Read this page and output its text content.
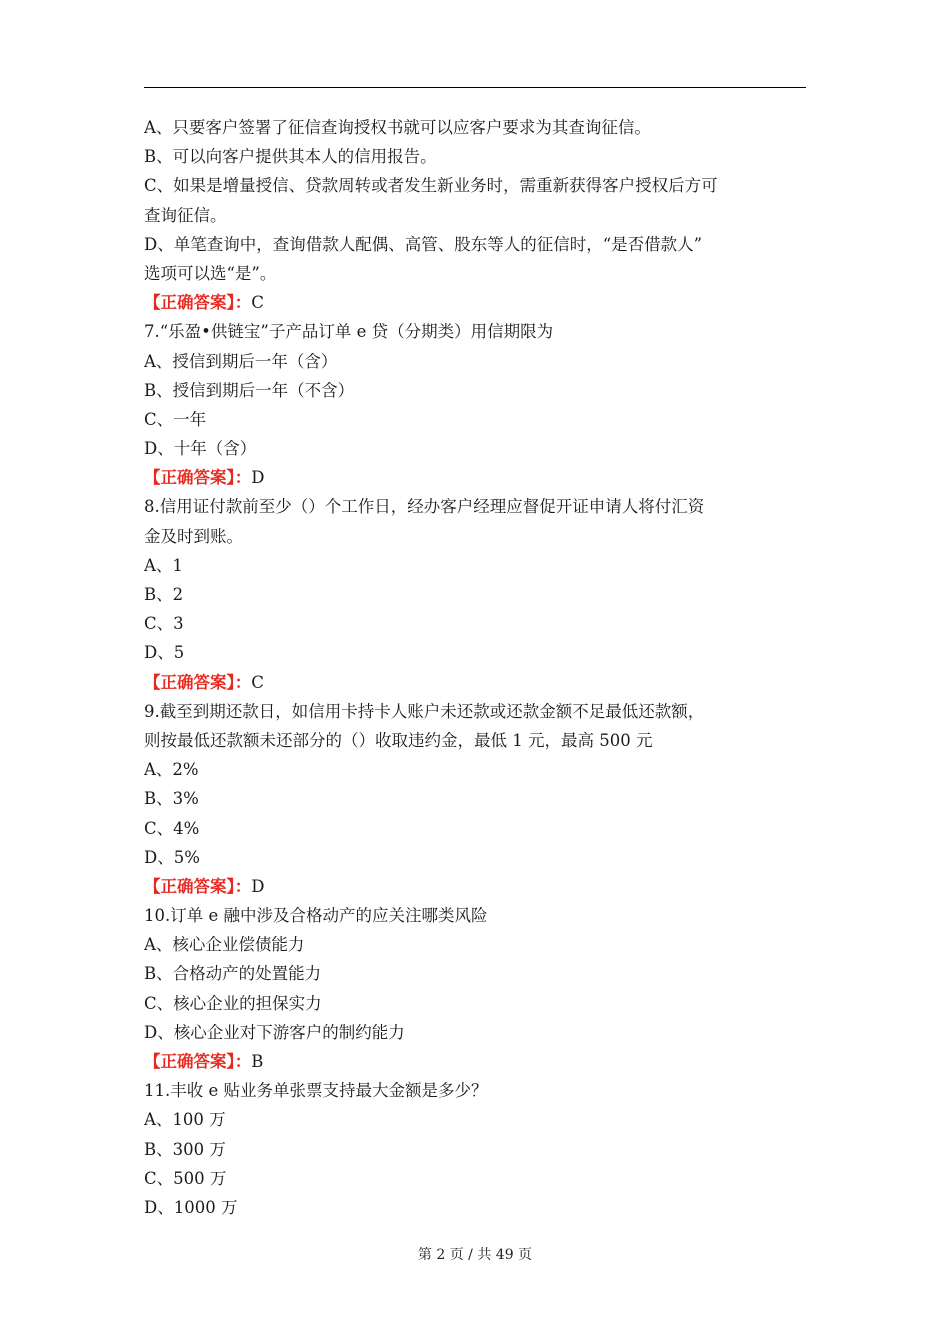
A、只要客户签署了征信查询授权书就可以应客户要求为其查询征信。
B、可以向客户提供其本人的信用报告。
C、如果是增量授信、贷款周转或者发生新业务时，需重新获得客户授权后方可
查询征信。
D、单笔查询中，查询借款人配偶、高管、股东等人的征信时，“是否借款人”
选项可以选“是”。
【正确答案】：C
7.“乐盈•供链宝”子产品订单 e 贷（分期类）用信期限为
A、授信到期后一年（含）
B、授信到期后一年（不含）
C、一年
D、十年（含）
【正确答案】：D
8.信用证付款前至少（）个工作日，经办客户经理应督促开证申请人将付汇资
金及时到账。
A、1
B、2
C、3
D、5
【正确答案】：C
9.截至到期还款日，如信用卡持卡人账户未还款或还款金额不足最低还款额，
则按最低还款额未还部分的（）收取违约金，最低 1 元，最高 500 元
A、2%
B、3%
C、4%
D、5%
【正确答案】：D
10.订单 e 融中涉及合格动产的应关注哪类风险
A、核心企业偿债能力
B、合格动产的处置能力
C、核心企业的担保实力
D、核心企业对下游客户的制约能力
【正确答案】：B
11.丰收 e 贴业务单张票支持最大金额是多少？
A、100 万
B、300 万
C、500 万
D、1000 万
第 2 页 / 共 49 页
